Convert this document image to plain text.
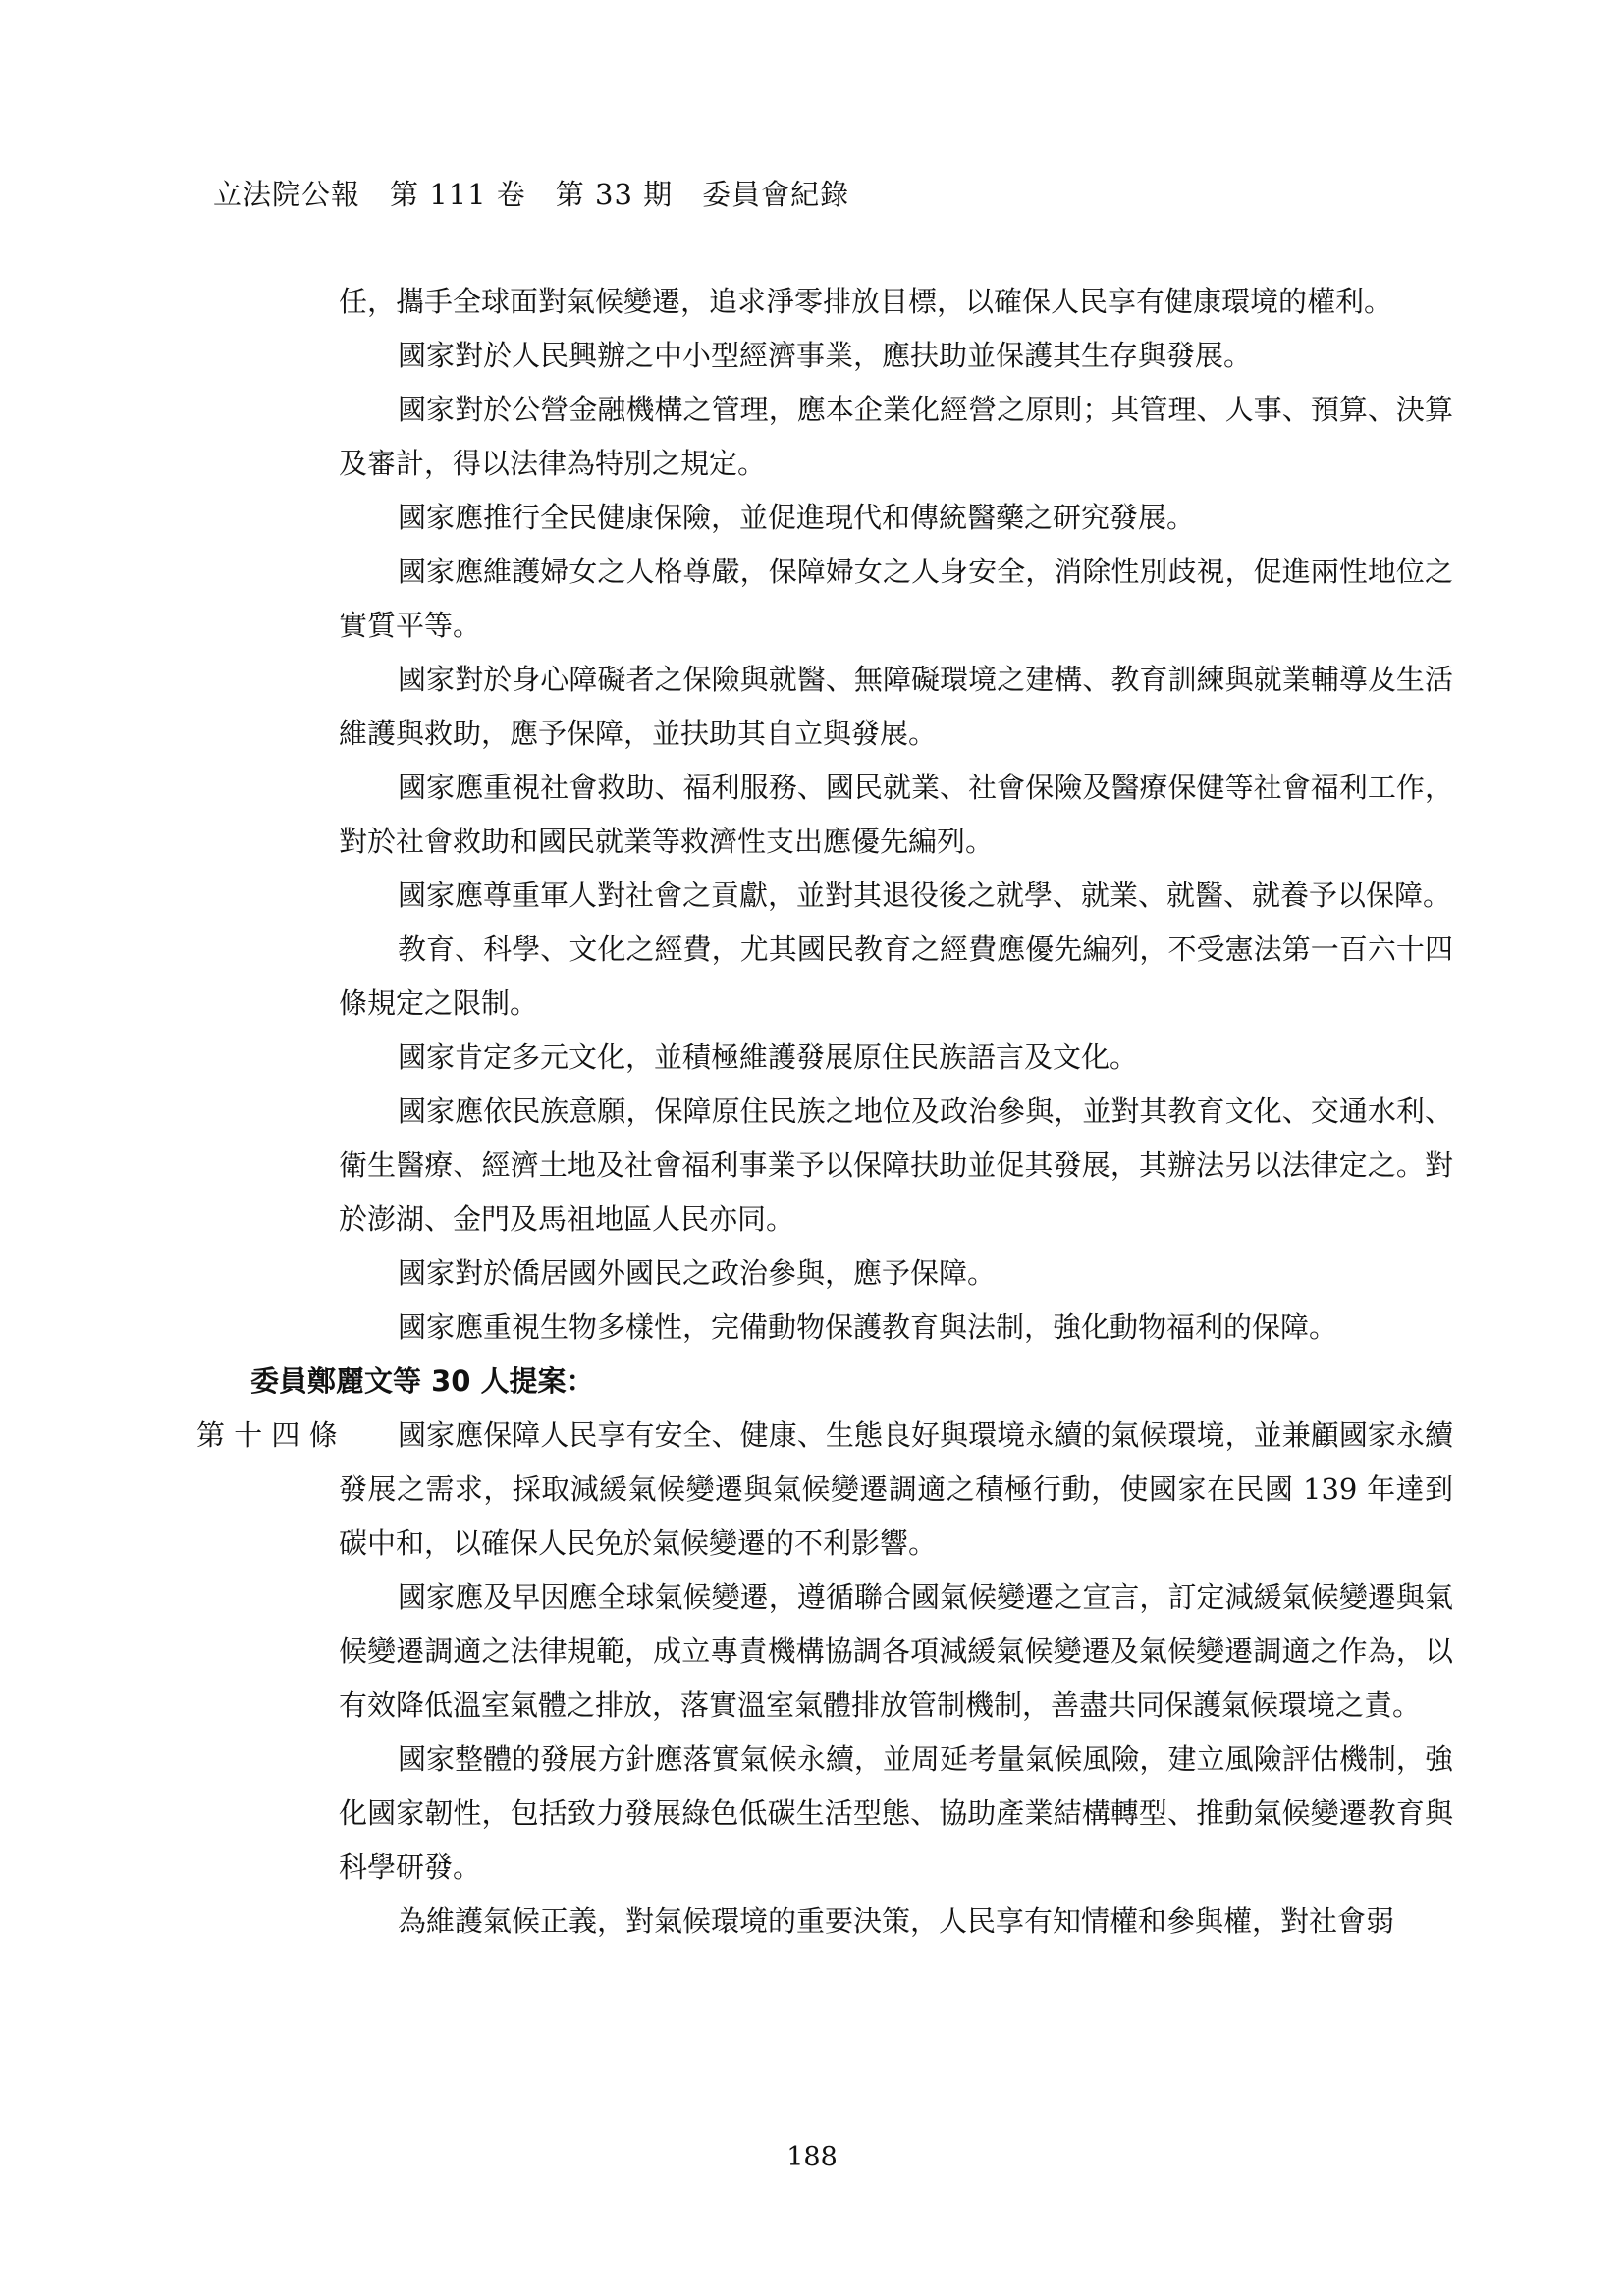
立法院公報　第 111 卷　第 33 期　委員會紀錄

任，攜手全球面對氣候變遷，追求淨零排放目標，以確保人民享有健康環境的權利。

國家對於人民興辦之中小型經濟事業，應扶助並保護其生存與發展。

國家對於公營金融機構之管理，應本企業化經營之原則；其管理、人事、預算、決算及審計，得以法律為特別之規定。

國家應推行全民健康保險，並促進現代和傳統醫藥之研究發展。

國家應維護婦女之人格尊嚴，保障婦女之人身安全，消除性別歧視，促進兩性地位之實質平等。

國家對於身心障礙者之保險與就醫、無障礙環境之建構、教育訓練與就業輔導及生活維護與救助，應予保障，並扶助其自立與發展。

國家應重視社會救助、福利服務、國民就業、社會保險及醫療保健等社會福利工作，對於社會救助和國民就業等救濟性支出應優先編列。

國家應尊重軍人對社會之貢獻，並對其退役後之就學、就業、就醫、就養予以保障。

教育、科學、文化之經費，尤其國民教育之經費應優先編列，不受憲法第一百六十四條規定之限制。

國家肯定多元文化，並積極維護發展原住民族語言及文化。

國家應依民族意願，保障原住民族之地位及政治參與，並對其教育文化、交通水利、衛生醫療、經濟土地及社會福利事業予以保障扶助並促其發展，其辦法另以法律定之。對於澎湖、金門及馬祖地區人民亦同。

國家對於僑居國外國民之政治參與，應予保障。

國家應重視生物多樣性，完備動物保護教育與法制，強化動物福利的保障。

委員鄭麗文等 30 人提案：

第 十 四 條	國家應保障人民享有安全、健康、生態良好與環境永續的氣候環境，並兼顧國家永續發展之需求，採取減緩氣候變遷與氣候變遷調適之積極行動，使國家在民國 139 年達到碳中和，以確保人民免於氣候變遷的不利影響。

國家應及早因應全球氣候變遷，遵循聯合國氣候變遷之宣言，訂定減緩氣候變遷與氣候變遷調適之法律規範，成立專責機構協調各項減緩氣候變遷及氣候變遷調適之作為，以有效降低溫室氣體之排放，落實溫室氣體排放管制機制，善盡共同保護氣候環境之責。

國家整體的發展方針應落實氣候永續，並周延考量氣候風險，建立風險評估機制，強化國家韌性，包括致力發展綠色低碳生活型態、協助產業結構轉型、推動氣候變遷教育與科學研發。

為維護氣候正義，對氣候環境的重要決策，人民享有知情權和參與權，對社會弱

188
